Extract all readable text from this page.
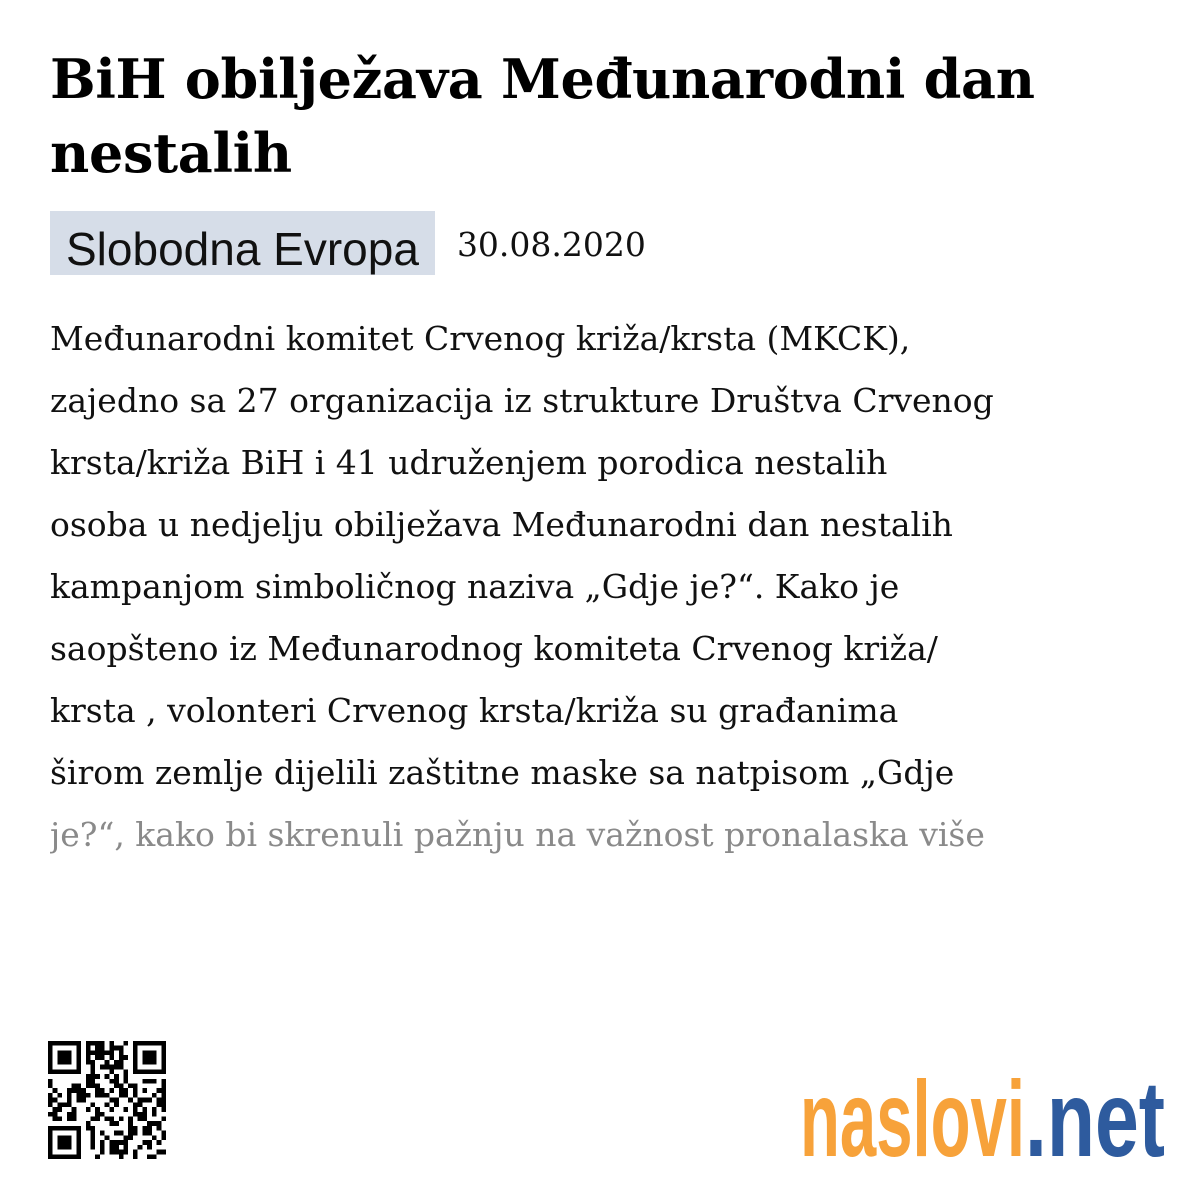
BiH obilježava Međunarodni dan nestalih
Slobodna Evropa	30.08.2020
Međunarodni komitet Crvenog križa/krsta (MKCK),
zajedno sa 27 organizacija iz strukture Društva Crvenog
krsta/križa BiH i 41 udruženjem porodica nestalih
osoba u nedjelju obilježava Međunarodni dan nestalih
kampanjom simboličnog naziva „Gdje je?“. Kako je
saopšteno iz Međunarodnog komiteta Crvenog križa/
krsta , volonteri Crvenog krsta/križa su građanima
širom zemlje dijelili zaštitne maske sa natpisom „Gdje
je?“, kako bi skrenuli pažnju na važnost pronalaska više
naslovi .net
